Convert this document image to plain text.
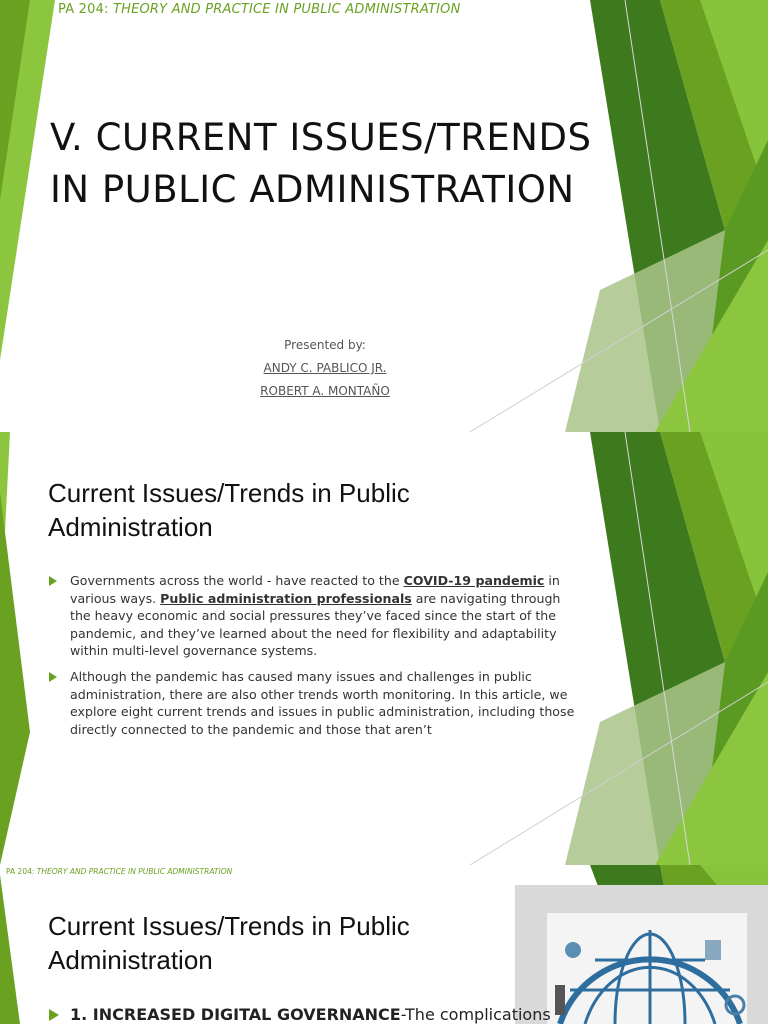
PA 204: THEORY AND PRACTICE IN PUBLIC ADMINISTRATION
V. CURRENT ISSUES/TRENDS
IN PUBLIC ADMINISTRATION
Presented by:
ANDY C. PABLICO JR.
ROBERT A. MONTAÑO
Current Issues/Trends in Public
Administration
Governments across the world - have reacted to the COVID-19 pandemic in various ways. Public administration professionals are navigating through the heavy economic and social pressures they’ve faced since the start of the pandemic, and they’ve learned about the need for flexibility and adaptability within multi-level governance systems.
Although the pandemic has caused many issues and challenges in public administration, there are also other trends worth monitoring. In this article, we explore eight current trends and issues in public administration, including those directly connected to the pandemic and those that aren’t
PA 204: THEORY AND PRACTICE IN PUBLIC ADMINISTRATION
Current Issues/Trends in Public
Administration
1. INCREASED DIGITAL GOVERNANCE-The complications
